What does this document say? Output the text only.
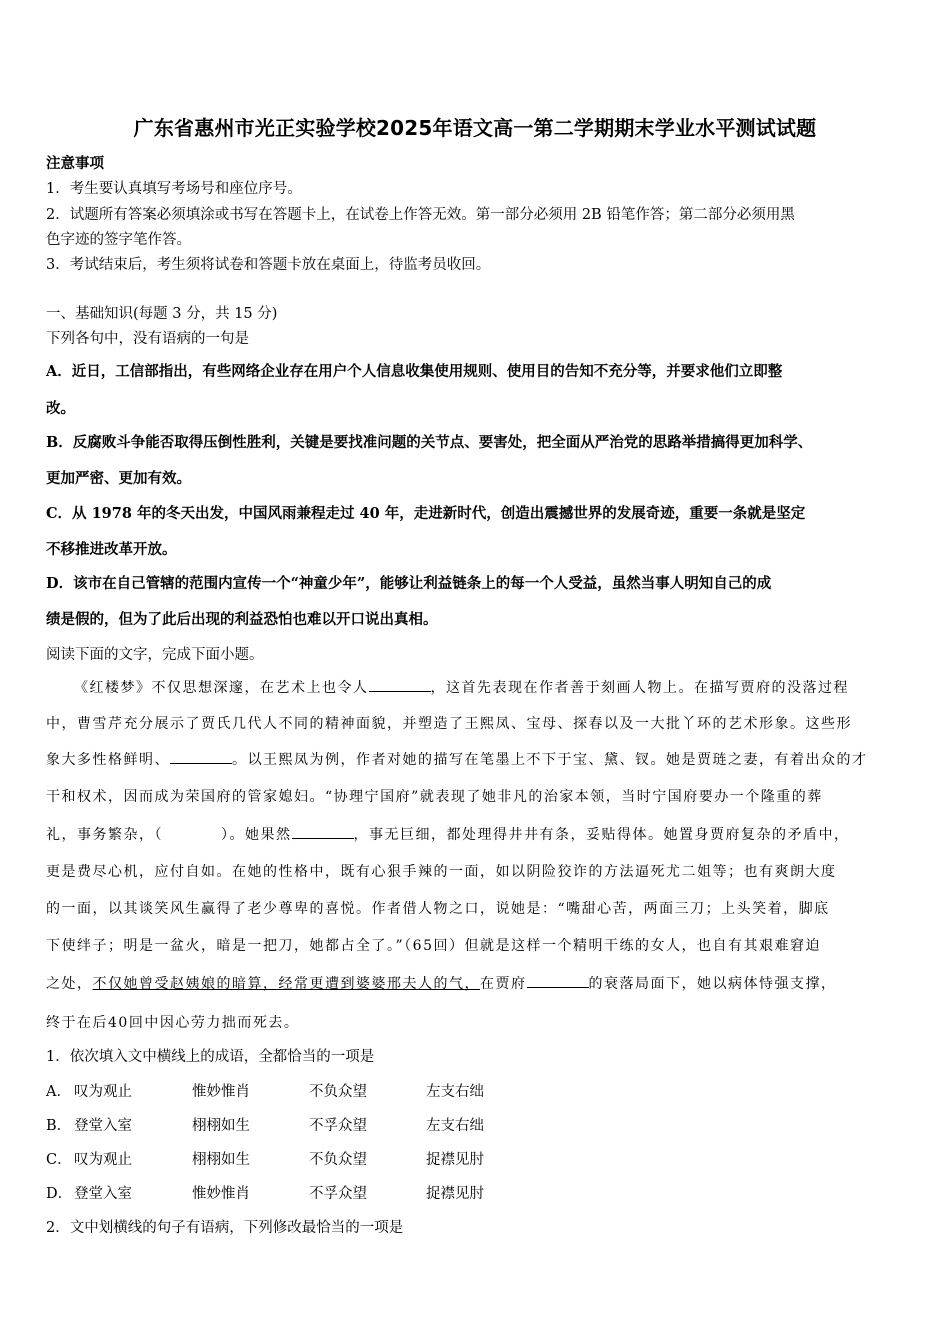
广东省惠州市光正实验学校2025年语文高一第二学期期末学业水平测试试题
注意事项
1．考生要认真填写考场号和座位序号。
2．试题所有答案必须填涂或书写在答题卡上，在试卷上作答无效。第一部分必须用 2B 铅笔作答；第二部分必须用黑
色字迹的签字笔作答。
3．考试结束后，考生须将试卷和答题卡放在桌面上，待监考员收回。
一、基础知识(每题 3 分，共 15 分)
下列各句中，没有语病的一句是
A．近日，工信部指出，有些网络企业存在用户个人信息收集使用规则、使用目的告知不充分等，并要求他们立即整
改。
B．反腐败斗争能否取得压倒性胜利，关键是要找准问题的关节点、要害处，把全面从严治党的思路举措搞得更加科学、
更加严密、更加有效。
C．从 1978 年的冬天出发，中国风雨兼程走过 40 年，走进新时代，创造出震撼世界的发展奇迹，重要一条就是坚定
不移推进改革开放。
D．该市在自己管辖的范围内宣传一个“神童少年”，能够让利益链条上的每一个人受益，虽然当事人明知自己的成
绩是假的，但为了此后出现的利益恐怕也难以开口说出真相。
阅读下面的文字，完成下面小题。
《红楼梦》不仅思想深邃，在艺术上也令人	，这首先表现在作者善于刻画人物上。在描写贾府的没落过程
中，曹雪芹充分展示了贾氏几代人不同的精神面貌，并塑造了王熙凤、宝母、探春以及一大批丫环的艺术形象。这些形
象大多性格鲜明、	。以王熙凤为例，作者对她的描写在笔墨上不下于宝、黛、钗。她是贾琏之妻，有着出众的才
干和权术，因而成为荣国府的管家媳妇。“协理宁国府”就表现了她非凡的治家本领，当时宁国府要办一个隆重的葬
礼，事务繁杂，（	）。她果然	，事无巨细，都处理得井井有条，妥贴得体。她置身贾府复杂的矛盾中，
更是费尽心机，应付自如。在她的性格中，既有心狠手辣的一面，如以阴险狡诈的方法逼死尤二姐等；也有爽朗大度
的一面，以其谈笑风生赢得了老少尊卑的喜悦。作者借人物之口，说她是：“嘴甜心苦，两面三刀；上头笑着，脚底
下使绊子；明是一盆火，暗是一把刀，她都占全了。”（65回）但就是这样一个精明干练的女人，也自有其艰难窘迫
之处，不仅她曾受赵姨娘的暗算，经常更遭到婆婆邢夫人的气，在贾府	的衰落局面下，她以病体恃强支撑，
终于在后40回中因心劳力拙而死去。
1．依次填入文中横线上的成语，全都恰当的一项是
A． 叹为观止	惟妙惟肖	不负众望	左支右绌
B． 登堂入室	栩栩如生	不孚众望	左支右绌
C． 叹为观止	栩栩如生	不负众望	捉襟见肘
D． 登堂入室	惟妙惟肖	不孚众望	捉襟见肘
2．文中划横线的句子有语病，下列修改最恰当的一项是
